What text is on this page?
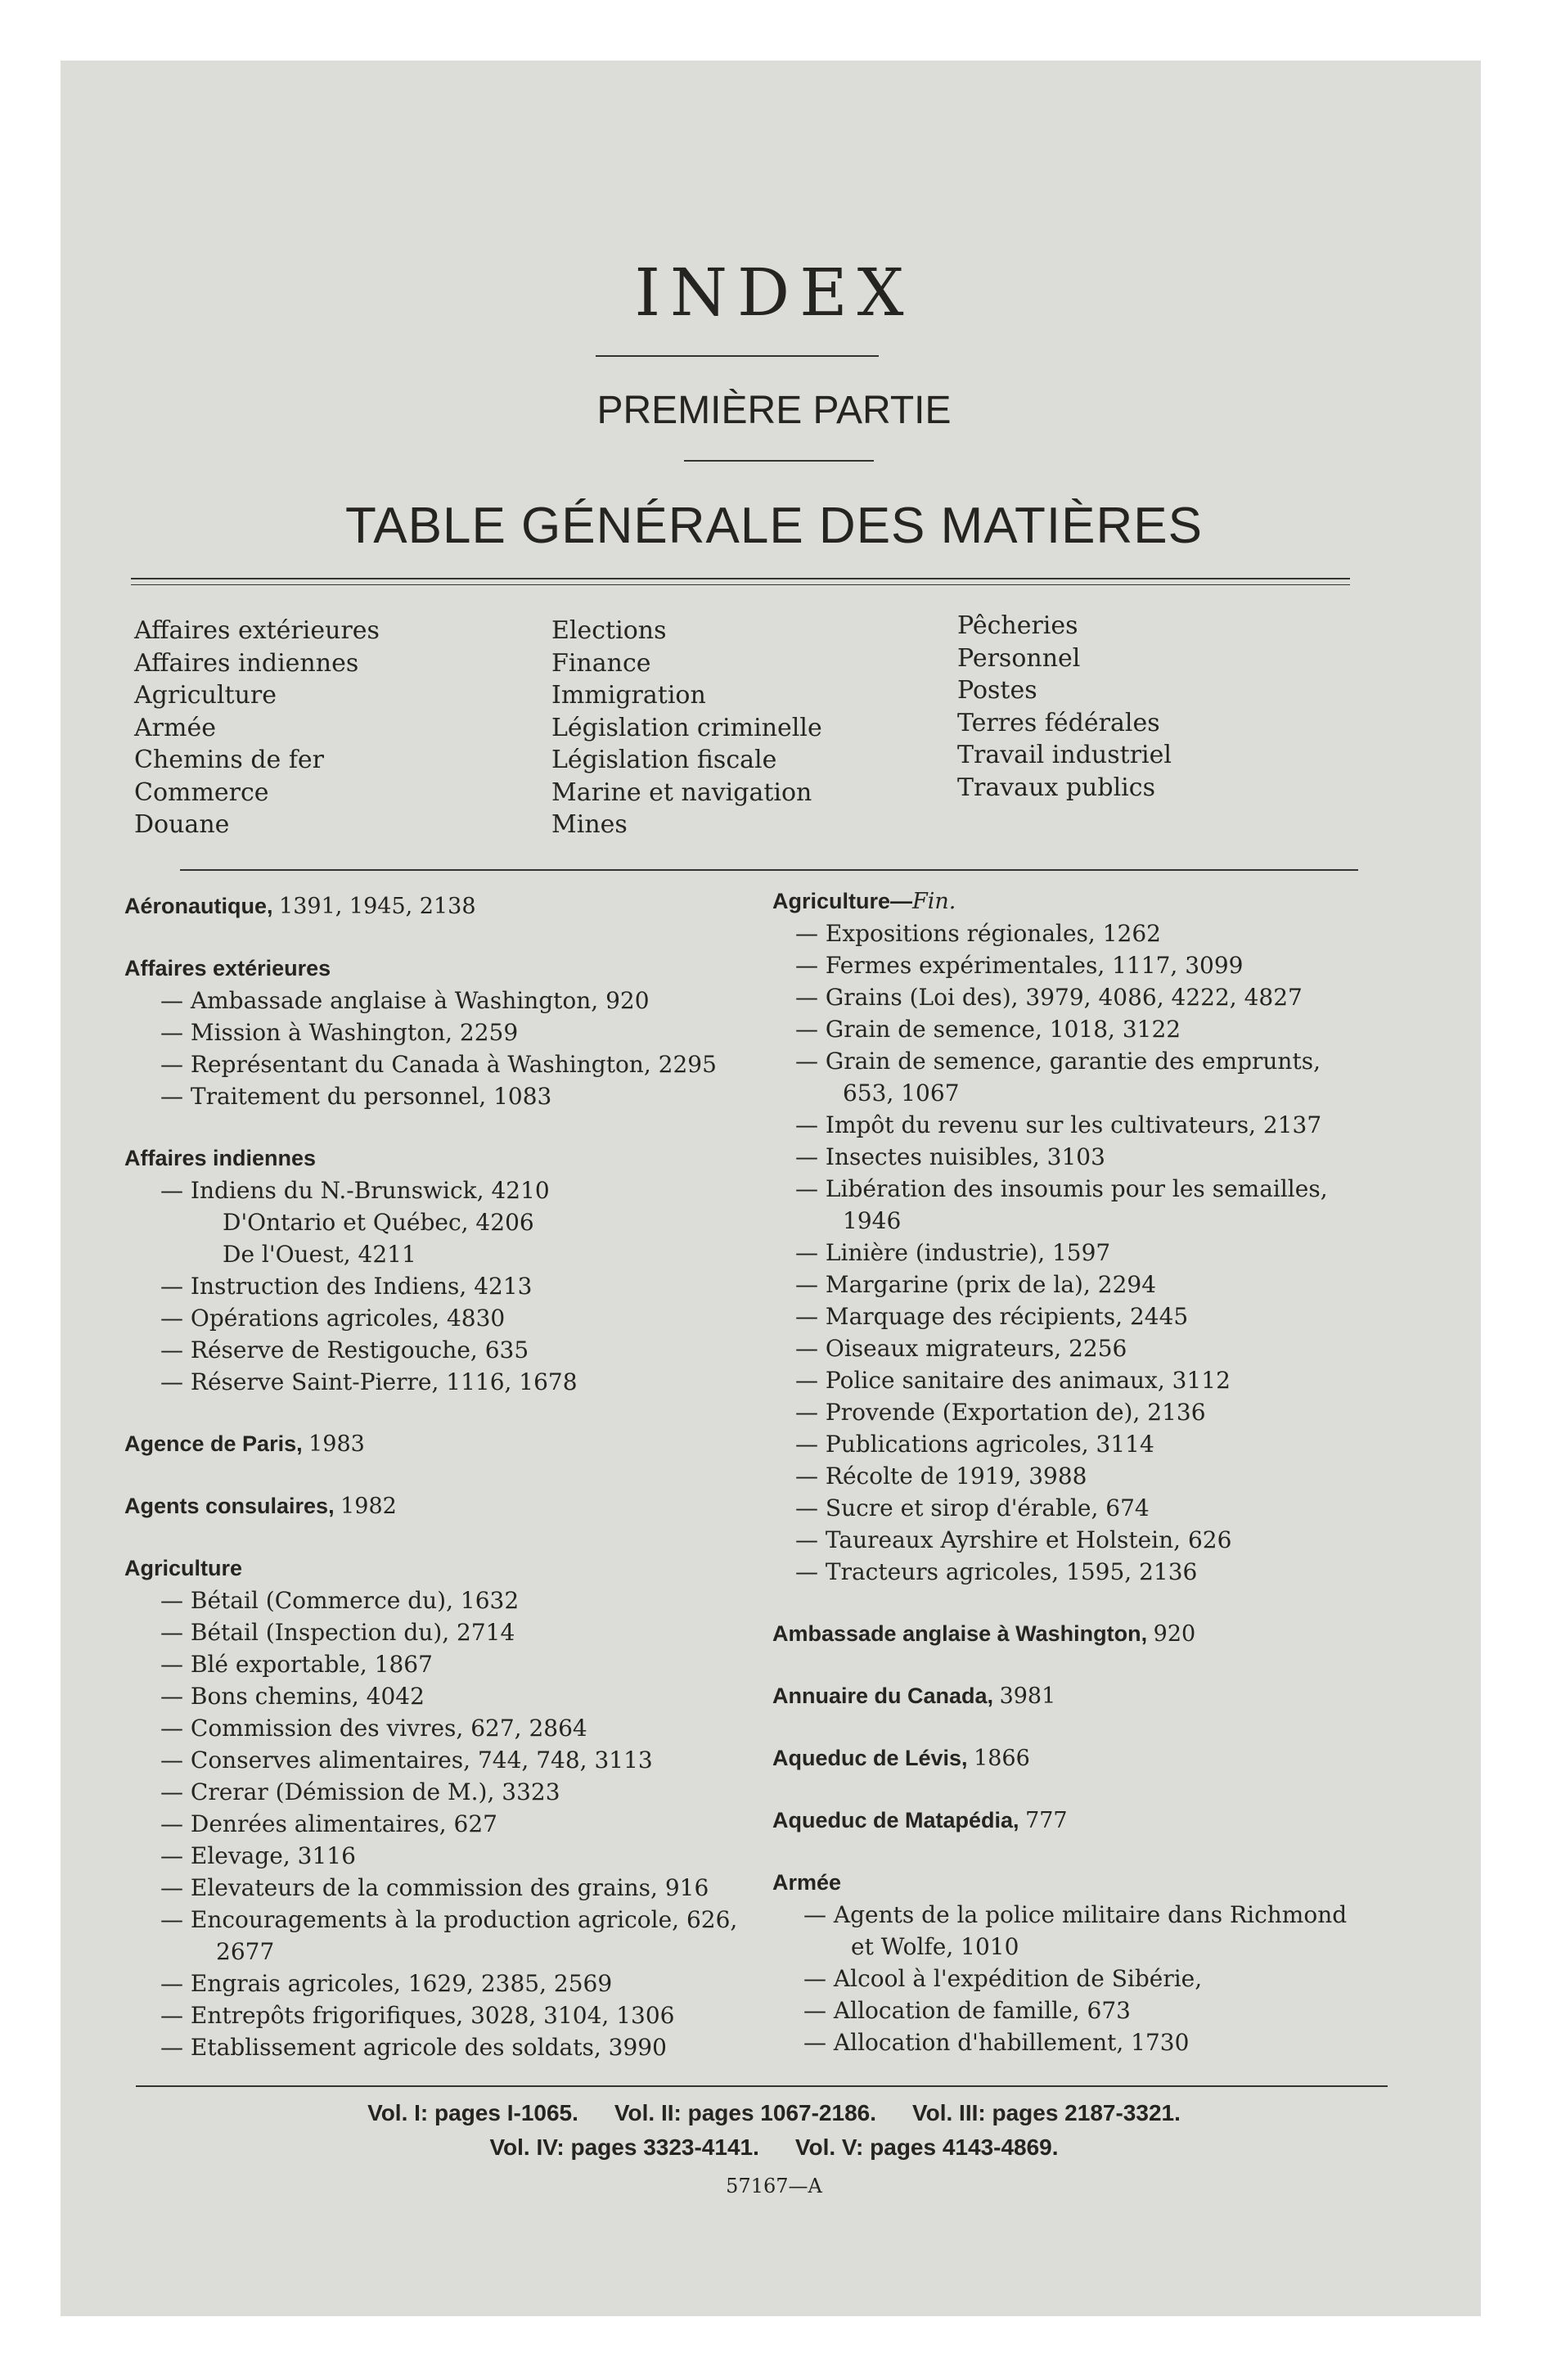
INDEX
PREMIÈRE PARTIE
TABLE GÉNÉRALE DES MATIÈRES
Affaires extérieures
Affaires indiennes
Agriculture
Armée
Chemins de fer
Commerce
Douane
Elections
Finance
Immigration
Législation criminelle
Législation fiscale
Marine et navigation
Mines
Pêcheries
Personnel
Postes
Terres fédérales
Travail industriel
Travaux publics
Aéronautique, 1391, 1945, 2138
Affaires extérieures
— Ambassade anglaise à Washington, 920
— Mission à Washington, 2259
— Représentant du Canada à Washington, 2295
— Traitement du personnel, 1083
Affaires indiennes
— Indiens du N.-Brunswick, 4210
D'Ontario et Québec, 4206
De l'Ouest, 4211
— Instruction des Indiens, 4213
— Opérations agricoles, 4830
— Réserve de Restigouche, 635
— Réserve Saint-Pierre, 1116, 1678
Agence de Paris, 1983
Agents consulaires, 1982
Agriculture
— Bétail (Commerce du), 1632
— Bétail (Inspection du), 2714
— Blé exportable, 1867
— Bons chemins, 4042
— Commission des vivres, 627, 2864
— Conserves alimentaires, 744, 748, 3113
— Crerar (Démission de M.), 3323
— Denrées alimentaires, 627
— Elevage, 3116
— Elevateurs de la commission des grains, 916
— Encouragements à la production agricole, 626, 2677
— Engrais agricoles, 1629, 2385, 2569
— Entrepôts frigorifiques, 3028, 3104, 1306
— Etablissement agricole des soldats, 3990
Agriculture—Fin.
— Expositions régionales, 1262
— Fermes expérimentales, 1117, 3099
— Grains (Loi des), 3979, 4086, 4222, 4827
— Grain de semence, 1018, 3122
— Grain de semence, garantie des emprunts, 653, 1067
— Impôt du revenu sur les cultivateurs, 2137
— Insectes nuisibles, 3103
— Libération des insoumis pour les semailles, 1946
— Linière (industrie), 1597
— Margarine (prix de la), 2294
— Marquage des récipients, 2445
— Oiseaux migrateurs, 2256
— Police sanitaire des animaux, 3112
— Provende (Exportation de), 2136
— Publications agricoles, 3114
— Récolte de 1919, 3988
— Sucre et sirop d'érable, 674
— Taureaux Ayrshire et Holstein, 626
— Tracteurs agricoles, 1595, 2136
Ambassade anglaise à Washington, 920
Annuaire du Canada, 3981
Aqueduc de Lévis, 1866
Aqueduc de Matapédia, 777
Armée
— Agents de la police militaire dans Richmond et Wolfe, 1010
— Alcool à l'expédition de Sibérie,
— Allocation de famille, 673
— Allocation d'habillement, 1730
Vol. I: pages I-1065. Vol. II: pages 1067-2186. Vol. III: pages 2187-3321.
Vol. IV: pages 3323-4141. Vol. V: pages 4143-4869.
57167—A
